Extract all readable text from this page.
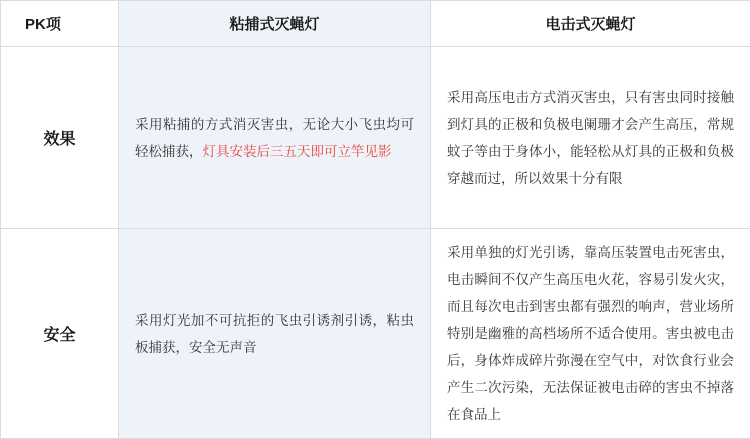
PK项	粘捕式灭蝇灯	电击式灭蝇灯
效果	采用粘捕的方式消灭害虫，无论大小飞虫均可轻松捕获，灯具安装后三五天即可立竿见影	采用高压电击方式消灭害虫，只有害虫同时接触到灯具的正极和负极电阑珊才会产生高压，常规蚊子等由于身体小，能轻松从灯具的正极和负极穿越而过，所以效果十分有限
安全	采用灯光加不可抗拒的飞虫引诱剂引诱，粘虫板捕获，安全无声音	采用单独的灯光引诱，靠高压装置电击死害虫，电击瞬间不仅产生高压电火花，容易引发火灾，而且每次电击到害虫都有强烈的响声，营业场所特别是幽雅的高档场所不适合使用。害虫被电击后，身体炸成碎片弥漫在空气中，对饮食行业会产生二次污染，无法保证被电击碎的害虫不掉落在食品上
